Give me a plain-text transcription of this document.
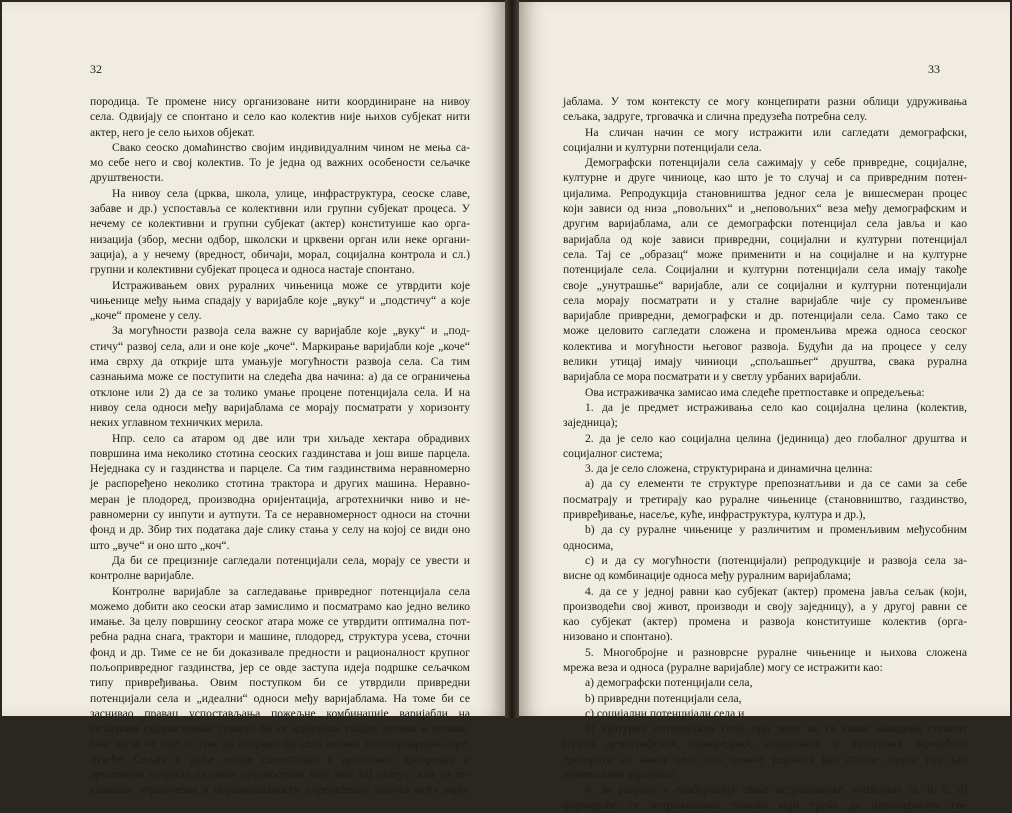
32
породица. Те промене нису организоване нити координиране на нивоу
села. Одвијају се спонтано и село као колектив није њихов субјекат нити
актер, него је село њихов објекат.
Свако сеоско домаћинство својим индивидуалним чином не мења са-
мо себе него и свој колектив. То је једна од важних особености сељачке
друштвености.
На нивоу села (црква, школа, улице, инфраструктура, сеоске славе,
забаве и др.) успоставља се колективни или групни субјекат процеса. У
нечему се колективни и групни субјекат (актер) конституише као орга-
низација (збор, месни одбор, школски и црквени орган или неке органи-
зација), а у нечему (вредност, обичаји, морал, социјална контрола и сл.)
групни и колективни субјекат процеса и односа настаје спонтано.
Истраживањем ових руралних чињеница може се утврдити које
чињенице међу њима спадају у варијабле које „вуку“ и „подстичу“ а које
„коче“ промене у селу.
За могућности развоја села важне су варијабле које „вуку“ и „под-
стичу“ развој села, али и оне које „коче“. Маркирање варијабли које „коче“
има сврху да открије шта умањује могућности развоја села. Са тим
сазнањима може се поступити на следећа два начина: а) да се ограничења
отклоне или 2) да се за толико умање процене потенцијала села. И на
нивоу села односи међу варијаблама се морају посматрати у хоризонту
неких углавном техничких мерила.
Нпр. село са атаром од две или три хиљаде хектара обрадивих
површина има неколико стотина сеоских газдинстава и још више парцела.
Неједнака су и газдинства и парцеле. Са тим газдинствима неравномерно
је распоређено неколико стотина трактора и других машина. Неравно-
меран је плодоред, производна оријентација, агротехнички ниво и не-
равномерни су инпути и аутпути. Та се неравномерност односи на сточни
фонд и др. Збир тих података даје слику стања у селу на којој се види оно
што „вуче“ и оно што „коч“.
Да би се прецизније сагледали потенцијали села, морају се увести и
контролне варијабле.
Контролне варијабле за сагледавање привредног потенцијала села
можемо добити ако сеоски атар замислимо и посматрамо као једно велико
имање. За целу површину сеоског атара може се утврдити оптимална пот-
ребна радна снага, трактори и машине, плодоред, структура усева, сточни
фонд и др. Тиме се не би доказивале предности и рационалност крупног
пољопривредног газдинства, јер се овде заступа идеја подршке сељачком
типу привређивања. Овим поступком би се утврдили привредни
потенцијали села и „идеални“ односи међу варијаблама. На томе би се
заснивао правац успостављања пожељне комбинације варијабли на
сељачким газдинствима: тежило би се идеалном складу делова и целине.
Ова идеја не иде за тим да направи од села велико пољопривредно пре-
дузеће. Сељак и даље остаје самосталан и аутономан привредни и
друштвени субјекат са свим предностима које има тај статус, али уз от-
клањање ограничења и нерационалности поремећених односа међу вари-
33
јаблама. У том контексту се могу концепирати разни облици удруживања
сељака, задруге, трговачка и слична предузећа потребна селу.
На сличан начин се могу истражити или сагледати демографски,
социјални и културни потенцијали села.
Демографски потенцијали села сажимају у себе привредне, социјалне,
културне и друге чиниоце, као што је то случај и са привредним потен-
цијалима. Репродукција становништва једног села је вишесмеран процес
који зависи од низа „повољних“ и „неповољних“ веза међу демографским и
другим варијаблама, али се демографски потенцијал села јавља и као
варијабла од које зависи привредни, социјални и културни потенцијал
села. Тај се „образац“ може применити и на социјалне и на културне
потенцијале села. Социјални и културни потенцијали села имају такође
своје „унутрашње“ варијабле, али се социјални и културни потенцијали
села морају посматрати и у сталне варијабле чије су променљиве
варијабле привредни, демографски и др. потенцијали села. Само тако се
може целовито сагледати сложена и променљива мрежа односа сеоског
колектива и могућности његовог развоја. Будући да на процесе у селу
велики утицај имају чиниоци „спољашњег“ друштва, свака рурална
варијабла се мора посматрати и у светлу урбаних варијабли.
Ова истраживачка замисао има следеће претпоставке и опредељења:
1. да је предмет истраживања село као социјална целина (колектив,
заједница);
2. да је село као социјална целина (јединица) део глобалног друштва и
социјалног система;
3. да је село сложена, структурирана и динамична целина:
а) да су елементи те структуре препознатљиви и да се сами за себе
посматрају и третирају као руралне чињенице (становништво, газдинство,
привређивање, насеље, куће, инфраструктура, култура и др.),
b) да су руралне чињенице у различитим и променљивим међусобним
односима,
c) и да су могућности (потенцијали) репродукције и развоја села за-
висне од комбинације односа међу руралним варијаблама;
4. да се у једној равни као субјекат (актер) промена јавља сељак (који,
производећи свој живот, производи и своју заједницу), а у другој равни се
као субјекат (актер) промена и развоја конституише колектив (орга-
низовано и спонтано).
5. Многобројне и разноврсне руралне чињенице и њихова сложена
мрежа веза и односа (руралне варијабле) могу се истражити као:
а) демографски потенцијали села,
b) привредни потенцијали села,
c) социјални потенцијали села и
d) културни потенцијали села, при чему не се сваки наведени сегмент
(група демографских, привредних, социјалних и културних варијабли)
третирати на нивоу села као целине једанпут као сталне, други пут као
променљиве варијабле.
6. За разраду и елаборацију сваке истраживачке потцелине (a, b, c, d)
формираће се истраживачки тимови који треба да идентификују све
